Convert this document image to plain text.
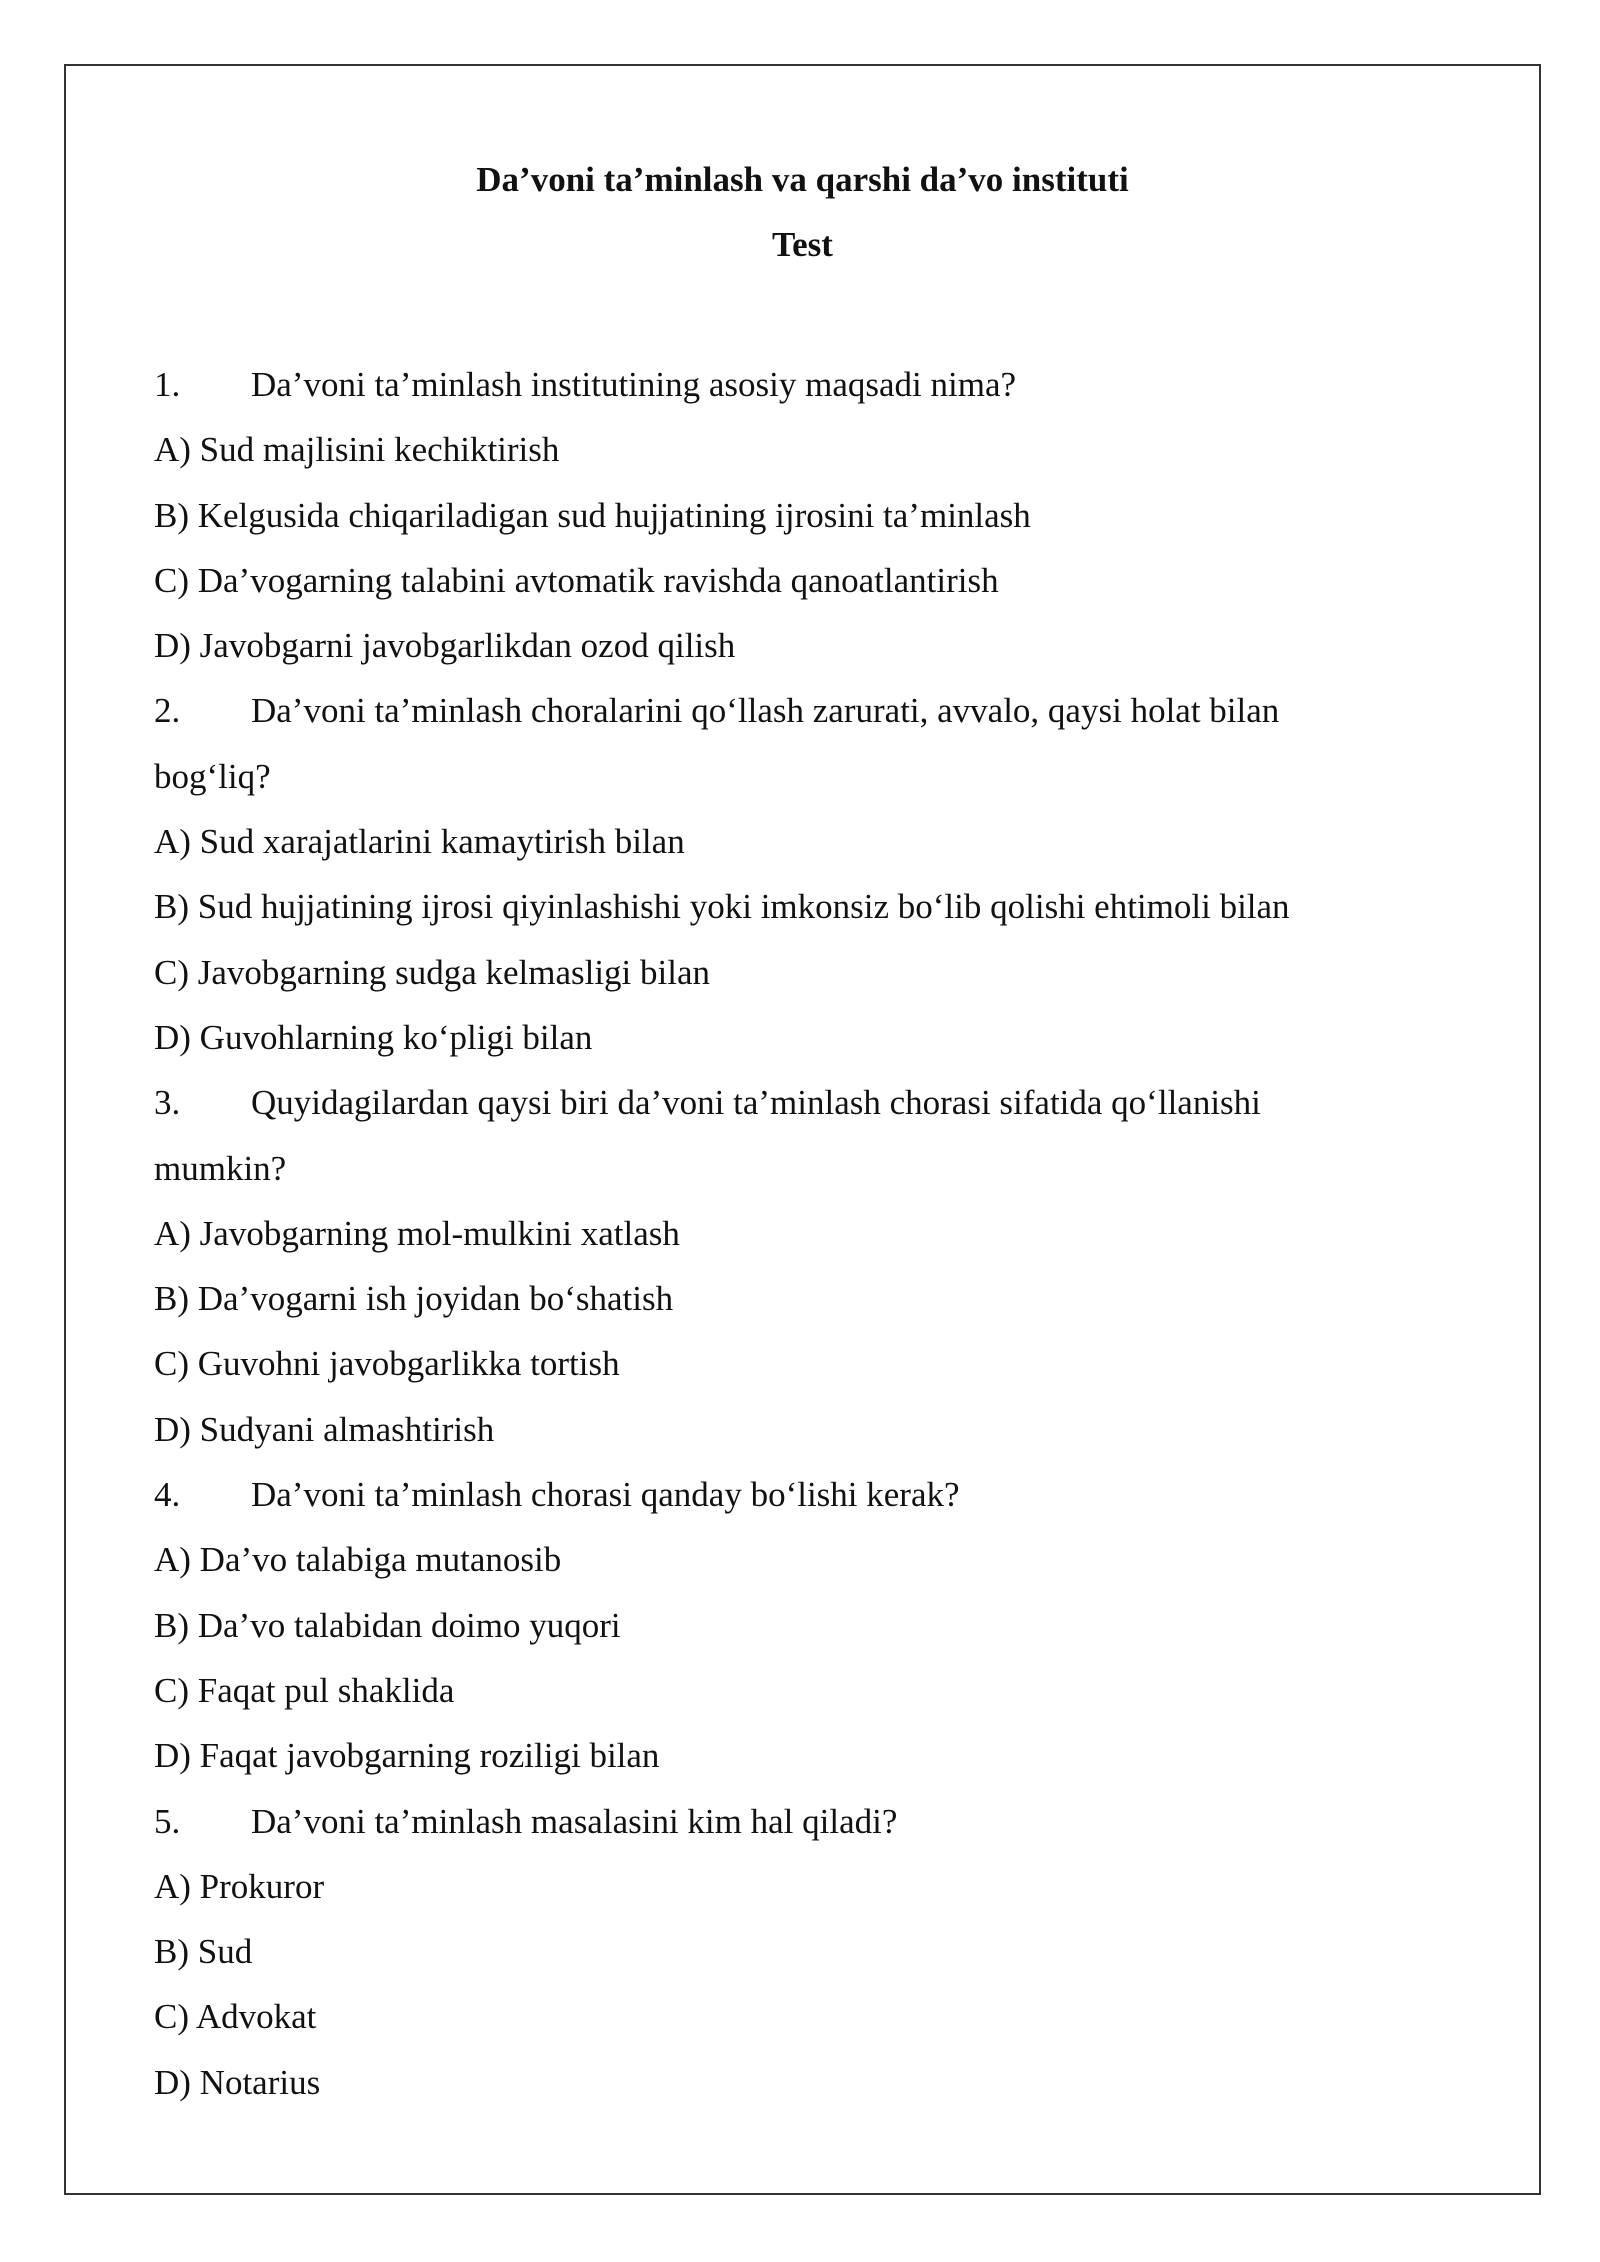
Da’voni ta’minlash va qarshi da’vo instituti
Test
1. Da’voni ta’minlash institutining asosiy maqsadi nima?
A) Sud majlisini kechiktirish
B) Kelgusida chiqariladigan sud hujjatining ijrosini ta’minlash
C) Da’vogarning talabini avtomatik ravishda qanoatlantirish
D) Javobgarni javobgarlikdan ozod qilish
2. Da’voni ta’minlash choralarini qo‘llash zarurati, avvalo, qaysi holat bilan
bog‘liq?
A) Sud xarajatlarini kamaytirish bilan
B) Sud hujjatining ijrosi qiyinlashishi yoki imkonsiz bo‘lib qolishi ehtimoli bilan
C) Javobgarning sudga kelmasligi bilan
D) Guvohlarning ko‘pligi bilan
3. Quyidagilardan qaysi biri da’voni ta’minlash chorasi sifatida qo‘llanishi
mumkin?
A) Javobgarning mol-mulkini xatlash
B) Da’vogarni ish joyidan bo‘shatish
C) Guvohni javobgarlikka tortish
D) Sudyani almashtirish
4. Da’voni ta’minlash chorasi qanday bo‘lishi kerak?
A) Da’vo talabiga mutanosib
B) Da’vo talabidan doimo yuqori
C) Faqat pul shaklida
D) Faqat javobgarning roziligi bilan
5. Da’voni ta’minlash masalasini kim hal qiladi?
A) Prokuror
B) Sud
C) Advokat
D) Notarius
